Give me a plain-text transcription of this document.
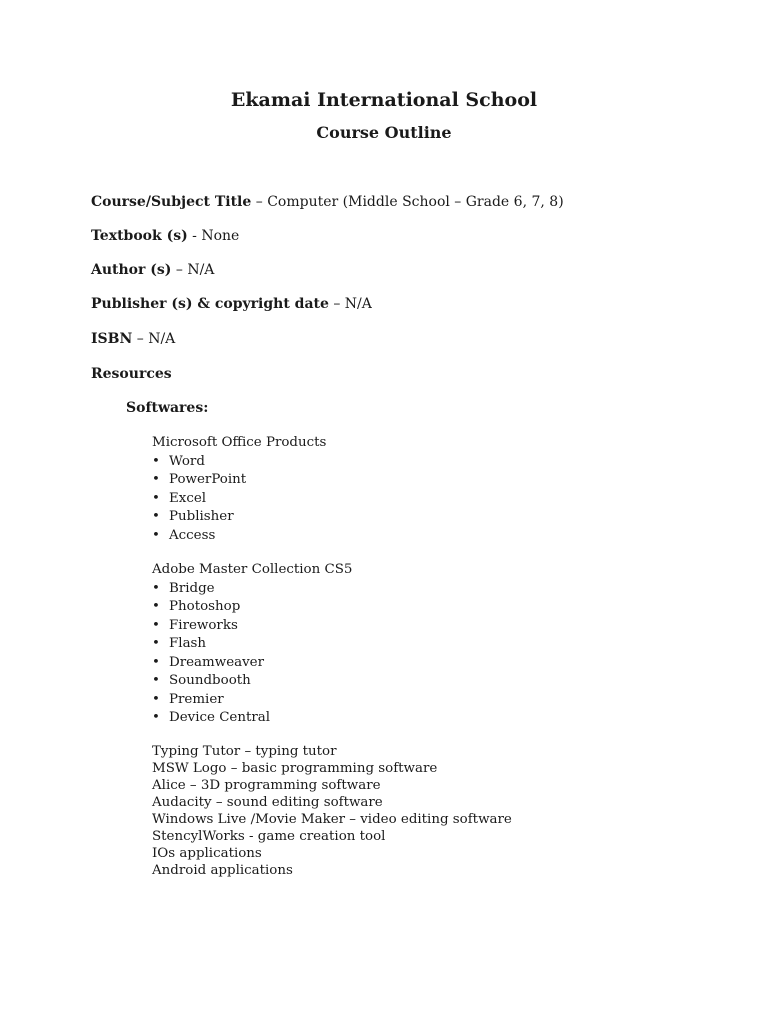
Ekamai International School
Course Outline

Course/Subject Title – Computer (Middle School – Grade 6, 7, 8)

Textbook (s) - None

Author (s) – N/A

Publisher (s) & copyright date – N/A

ISBN – N/A

Resources

Softwares:

Microsoft Office Products

• Word
• PowerPoint
• Excel
• Publisher
• Access

Adobe Master Collection CS5

• Bridge
• Photoshop
• Fireworks
• Flash
• Dreamweaver
• Soundbooth
• Premier
• Device Central
Typing Tutor – typing tutor
MSW Logo – basic programming software
Alice – 3D programming software
Audacity – sound editing software
Windows Live /Movie Maker – video editing software
StencylWorks - game creation tool
IOs applications
Android applications
